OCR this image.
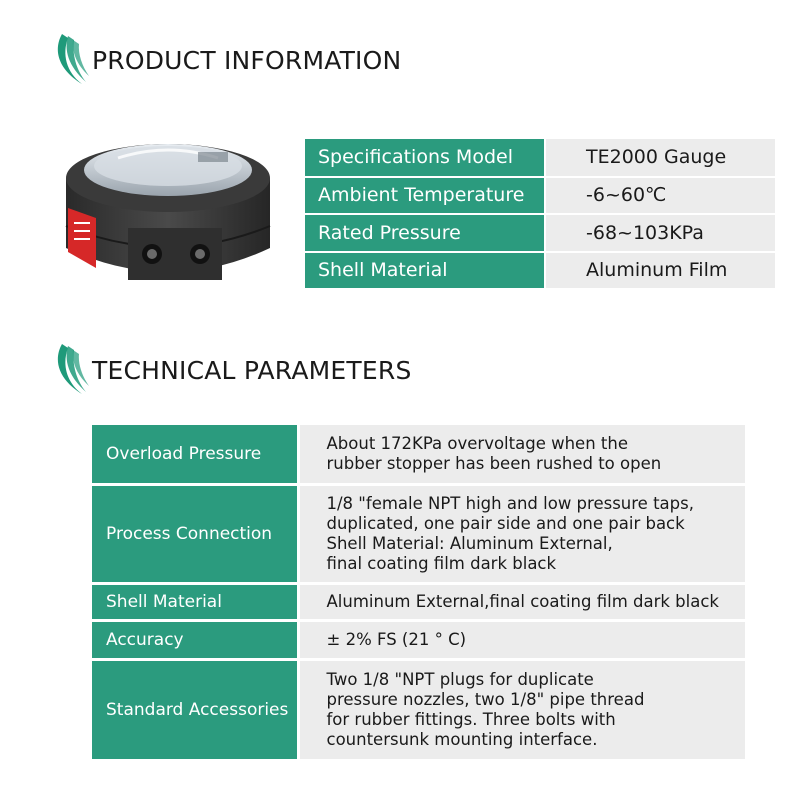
PRODUCT INFORMATION
Specifications Model	TE2000 Gauge
Ambient Temperature	-6~60℃
Rated Pressure	-68~103KPa
Shell Material	Aluminum Film
TECHNICAL PARAMETERS
Overload Pressure	About 172KPa overvoltage when the
rubber stopper has been rushed to open
Process Connection	1/8 "female NPT high and low pressure taps,
duplicated, one pair side and one pair back
Shell Material: Aluminum External,
final coating film dark black
Shell Material	Aluminum External,final coating film dark black
Accuracy	± 2% FS (21 ° C)
Standard Accessories	Two 1/8 "NPT plugs for duplicate
pressure nozzles, two 1/8" pipe thread
for rubber fittings. Three bolts with
countersunk mounting interface.
